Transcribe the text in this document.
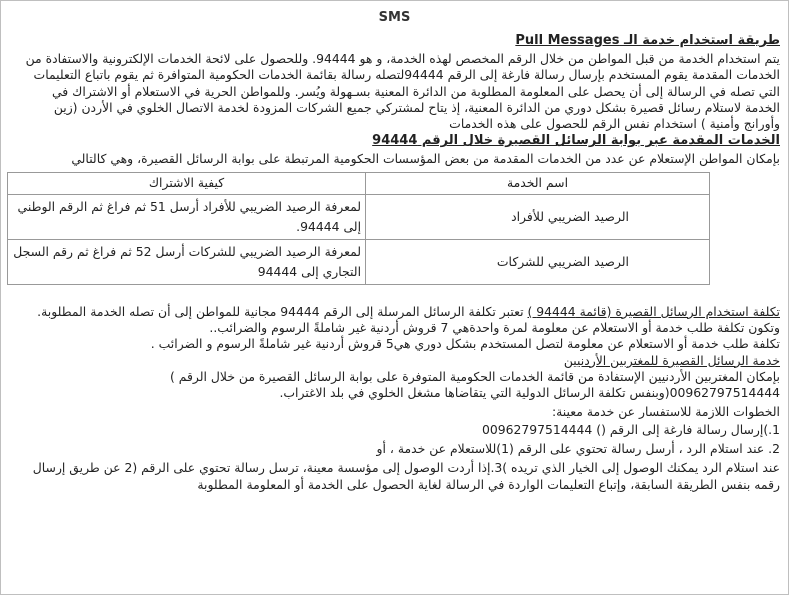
SMS

طريقة استخدام خدمة الـ Pull Messages

يتم استخدام الخدمة من قبل المواطن من خلال الرقم المخصص لهذه الخدمة، و هو 94444. وللحصول على لائحة الخدمات الإلكترونية والاستفادة من الخدمات المقدمة يقوم المستخدم بإرسال رسالة فارغة إلى الرقم 94444لتصله رسالة بقائمة الخدمات الحكومية المتوافرة ثم يقوم باتباع التعليمات التي تصله في الرسالة إلى أن يحصل على المعلومة المطلوبة من الدائرة المعنية بسـهولة ويُسر. وللمواطن الحرية في الاستعلام أو الاشتراك في الخدمة لاستلام رسائل قصيرة بشكل دوري من الدائرة المعنية، إذ يتاح لمشتركي جميع الشركات المزودة لخدمة الاتصال الخلوي في الأردن (زين وأورانج وأمنية ) استخدام نفس الرقم للحصول على هذه الخدمات

الخدمات المقدمة عبر بوابة الرسائل القصيرة خلال الرقم 94444

بإمكان المواطن الإستعلام عن عدد من الخدمات المقدمة من بعض المؤسسات الحكومية المرتبطة على بوابة الرسائل القصيرة، وهي كالتالي

اسم الخدمة	كيفية الاشتراك
الرصيد الضريبي للأفراد	لمعرفة الرصيد الضريبي للأفراد أرسل 51 ثم فراغ ثم الرقم الوطني إلى 94444.
الرصيد الضريبي للشركات	لمعرفة الرصيد الضريبي للشركات أرسل 52 ثم فراغ ثم رقم السجل التجاري إلى 94444

تكلفة استخدام الرسائل القصيرة (قائمة 94444 ) تعتبر تكلفة الرسائل المرسلة إلى الرقم 94444 مجانية للمواطن إلى أن تصله الخدمة المطلوبة. وتكون تكلفة طلب خدمة أو الاستعلام عن معلومة لمرة واحدةهي 7 قروش أردنية غير شاملةً الرسوم والضرائب..

تكلفة طلب خدمة أو الاستعلام عن معلومة لتصل المستخدم بشكل دوري هي5 قروش أردنية غير شاملةً الرسوم و الضرائب .

خدمة الرسائل القصيرة للمغتربين الأردنيين

بإمكان المغتربين الأردنيين الإستفادة من قائمة الخدمات الحكومية المتوفرة على بوابة الرسائل القصيرة من خلال الرقم )

00962797514444(وبنفس تكلفة الرسائل الدولية التي يتقاضاها مشغل الخلوي في بلد الاغتراب.

الخطوات اللازمة للاستفسار عن خدمة معينة:

1.)إرسال رسالة فارغة إلى الرقم () 00962797514444

2. عند استلام الرد ، أرسل رسالة تحتوي على الرقم (1)للاستعلام عن خدمة ، أو

عند استلام الرد يمكنك الوصول إلى الخيار الذي تريده )3.إذا أردت الوصول إلى مؤسسة معينة، ترسل رسالة تحتوي على الرقم (2 عن طريق إرسال رقمه بنفس الطريقة السابقة، وإتباع التعليمات الواردة في الرسالة لغاية الحصول على الخدمة أو المعلومة المطلوبة
